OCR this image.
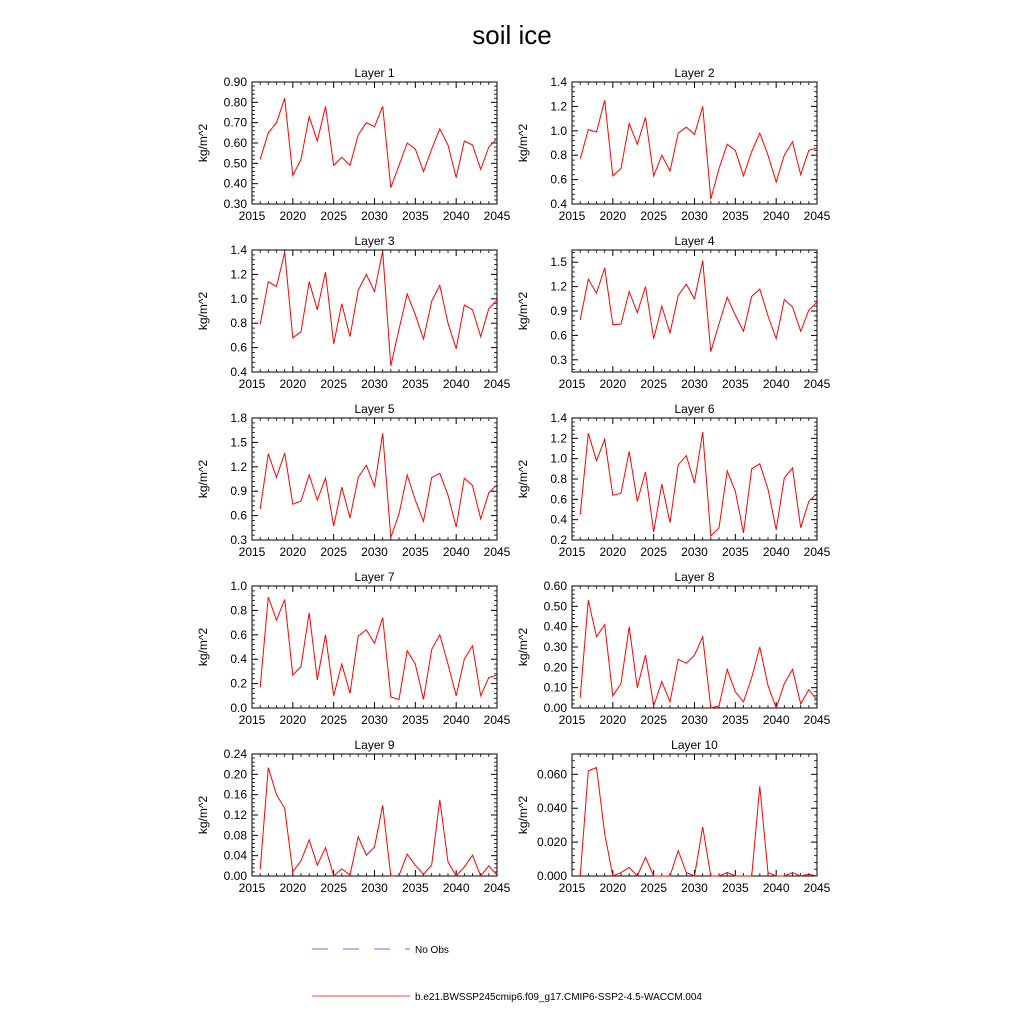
soil ice
2015 2020 2025 2030 2035 2040 2045
0.30
0.40
0.50
0.60
0.70
0.80
0.90
Layer 1
kg/m^2
2015 2020 2025 2030 2035 2040 2045
0.4
0.6
0.8
1.0
1.2
1.4
Layer 2
kg/m^2
2015 2020 2025 2030 2035 2040 2045
0.4
0.6
0.8
1.0
1.2
1.4
Layer 3
kg/m^2
2015 2020 2025 2030 2035 2040 2045
0.3
0.6
0.9
1.2
1.5
Layer 4
kg/m^2
2015 2020 2025 2030 2035 2040 2045
0.3
0.6
0.9
1.2
1.5
1.8
Layer 5
kg/m^2
2015 2020 2025 2030 2035 2040 2045
0.2
0.4
0.6
0.8
1.0
1.2
1.4
Layer 6
kg/m^2
2015 2020 2025 2030 2035 2040 2045
0.0
0.2
0.4
0.6
0.8
1.0
Layer 7
kg/m^2
2015 2020 2025 2030 2035 2040 2045
0.00
0.10
0.20
0.30
0.40
0.50
0.60
Layer 8
kg/m^2
2015 2020 2025 2030 2035 2040 2045
0.00
0.04
0.08
0.12
0.16
0.20
0.24
Layer 9
kg/m^2
2015 2020 2025 2030 2035 2040 2045
0.000
0.020
0.040
0.060
Layer 10
kg/m^2
No Obs
b.e21.BWSSP245cmip6.f09_g17.CMIP6-SSP2-4.5-WACCM.004
